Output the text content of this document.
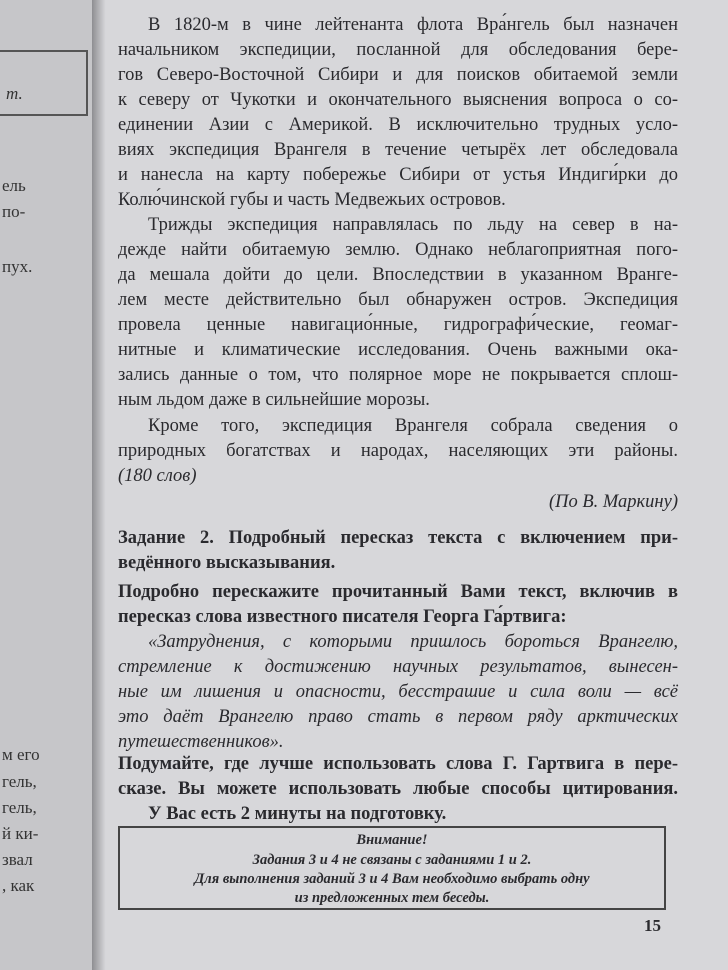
т.
ель
по-
пух.
м его
гель,
гель,
й ки-
звал
, как
В 1820-м в чине лейтенанта флота Вра́нгель был назначен
начальником экспедиции, посланной для обследования бере-
гов Северо-Восточной Сибири и для поисков обитаемой земли
к северу от Чукотки и окончательного выяснения вопроса о со-
единении Азии с Америкой. В исключительно трудных усло-
виях экспедиция Врангеля в течение четырёх лет обследовала
и нанесла на карту побережье Сибири от устья Индиги́рки до
Колю́чинской губы и часть Медвежьих островов.
Трижды экспедиция направлялась по льду на север в на-
дежде найти обитаемую землю. Однако неблагоприятная пого-
да мешала дойти до цели. Впоследствии в указанном Вранге-
лем месте действительно был обнаружен остров. Экспедиция
провела ценные навигацио́нные, гидрографи́ческие, геомаг-
нитные и климатические исследования. Очень важными ока-
зались данные о том, что полярное море не покрывается сплош-
ным льдом даже в сильнейшие морозы.
Кроме того, экспедиция Врангеля собрала сведения о
природных богатствах и народах, населяющих эти районы.
(180 слов)
(По В. Маркину)
Задание 2. Подробный пересказ текста с включением при-
ведённого высказывания.
Подробно перескажите прочитанный Вами текст, включив в
пересказ слова известного писателя Георга Га́ртвига:
«Затруднения, с которыми пришлось бороться Врангелю,
стремление к достижению научных результатов, вынесен-
ные им лишения и опасности, бесстрашие и сила воли — всё
это даёт Врангелю право стать в первом ряду арктических
путешественников».
Подумайте, где лучше использовать слова Г. Гартвига в пере-
сказе. Вы можете использовать любые способы цитирования.
У Вас есть 2 минуты на подготовку.
Внимание!
Задания 3 и 4 не связаны с заданиями 1 и 2.
Для выполнения заданий 3 и 4 Вам необходимо выбрать одну
из предложенных тем беседы.
15
